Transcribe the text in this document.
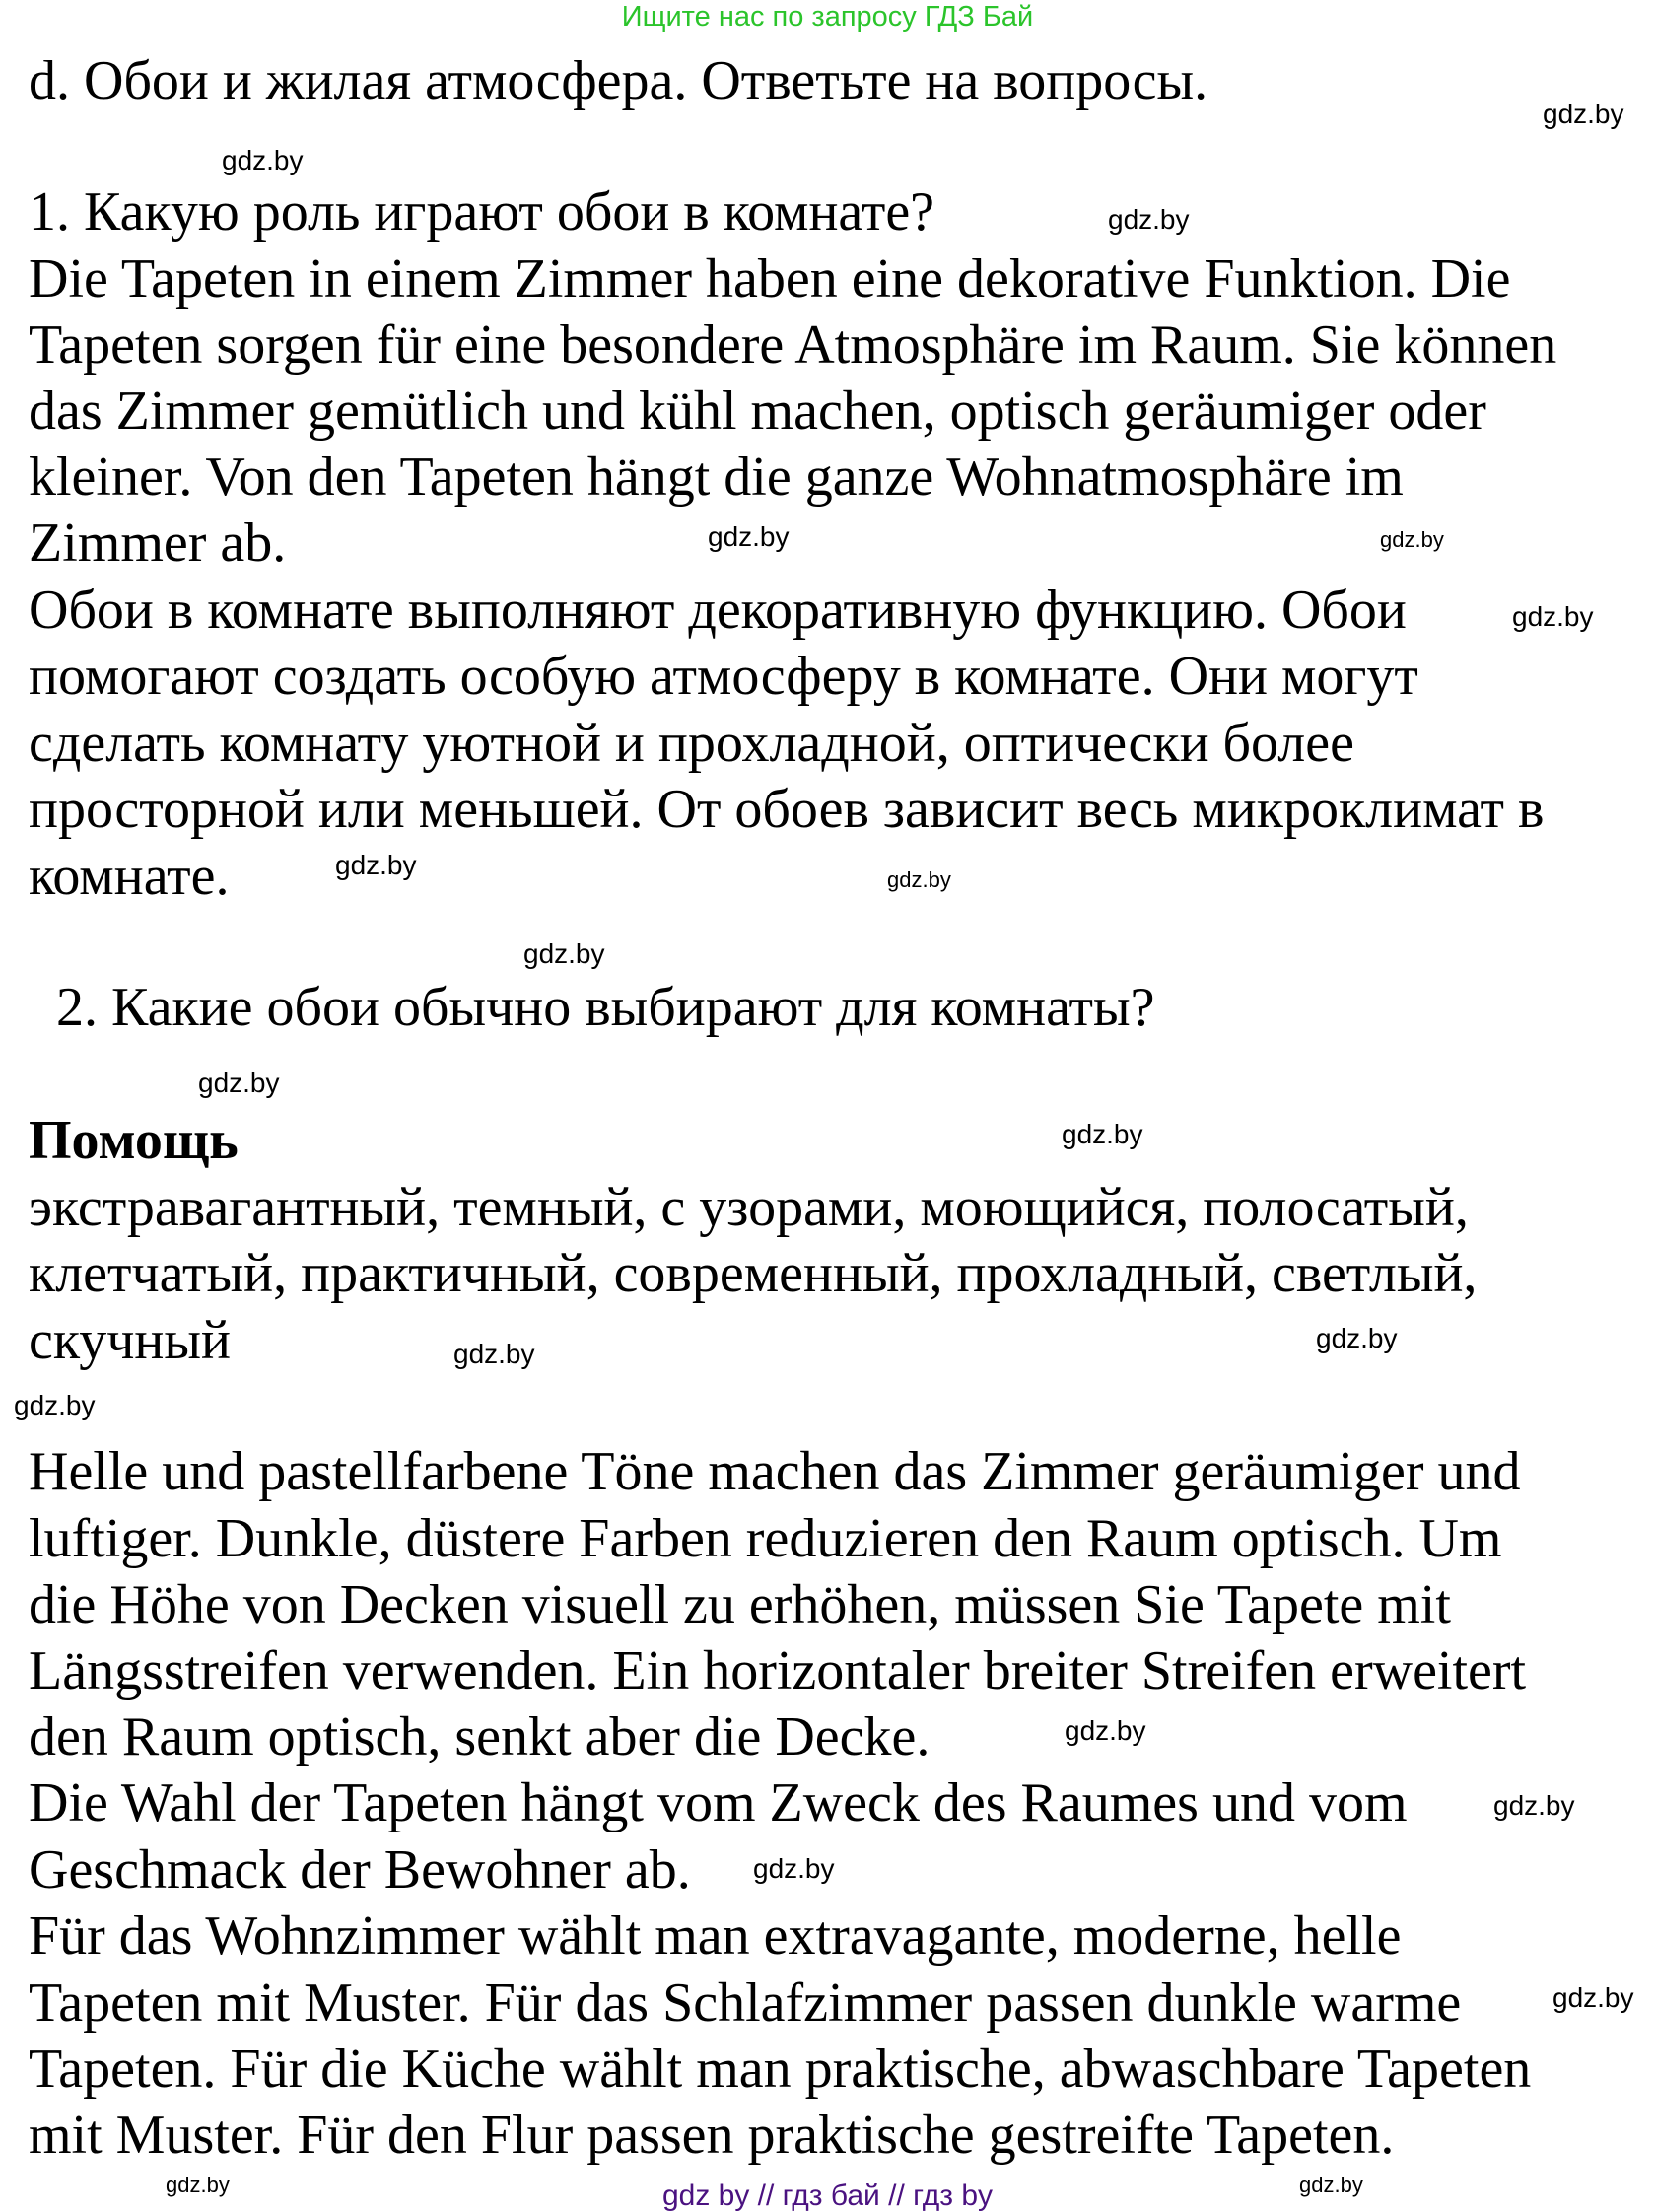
Ищите нас по запросу ГДЗ Бай
d. Обои и жилая атмосфера. Ответьте на вопросы.
1. Какую роль играют обои в комнате?
Die Tapeten in einem Zimmer haben eine dekorative Funktion. Die
Tapeten sorgen für eine besondere Atmosphäre im Raum. Sie können
das Zimmer gemütlich und kühl machen, optisch geräumiger oder
kleiner. Von den Tapeten hängt die ganze Wohnatmosphäre im
Zimmer ab.
Обои в комнате выполняют декоративную функцию. Обои
помогают создать особую атмосферу в комнате. Они могут
сделать комнату уютной и прохладной, оптически более
просторной или меньшей. От обоев зависит весь микроклимат в
комнате.
2. Какие обои обычно выбирают для комнаты?
Помощь
экстравагантный, темный, с узорами, моющийся, полосатый,
клетчатый, практичный, современный, прохладный, светлый,
скучный
Helle und pastellfarbene Töne machen das Zimmer geräumiger und
luftiger. Dunkle, düstere Farben reduzieren den Raum optisch. Um
die Höhe von Decken visuell zu erhöhen, müssen Sie Tapete mit
Längsstreifen verwenden. Ein horizontaler breiter Streifen erweitert
den Raum optisch, senkt aber die Decke.
Die Wahl der Tapeten hängt vom Zweck des Raumes und vom
Geschmack der Bewohner ab.
Für das Wohnzimmer wählt man extravagante, moderne, helle
Tapeten mit Muster. Für das Schlafzimmer passen dunkle warme
Tapeten. Für die Küche wählt man praktische, abwaschbare Tapeten
mit Muster. Für den Flur passen praktische gestreifte Tapeten.
gdz.by
gdz.by
gdz.by
gdz.by
gdz.by
gdz.by
gdz.by
gdz.by
gdz.by
gdz.by
gdz.by
gdz.by
gdz.by
gdz.by
gdz.by
gdz.by
gdz.by
gdz.by
gdz.by	gdz.by
gdz by // гдз бай // гдз by
